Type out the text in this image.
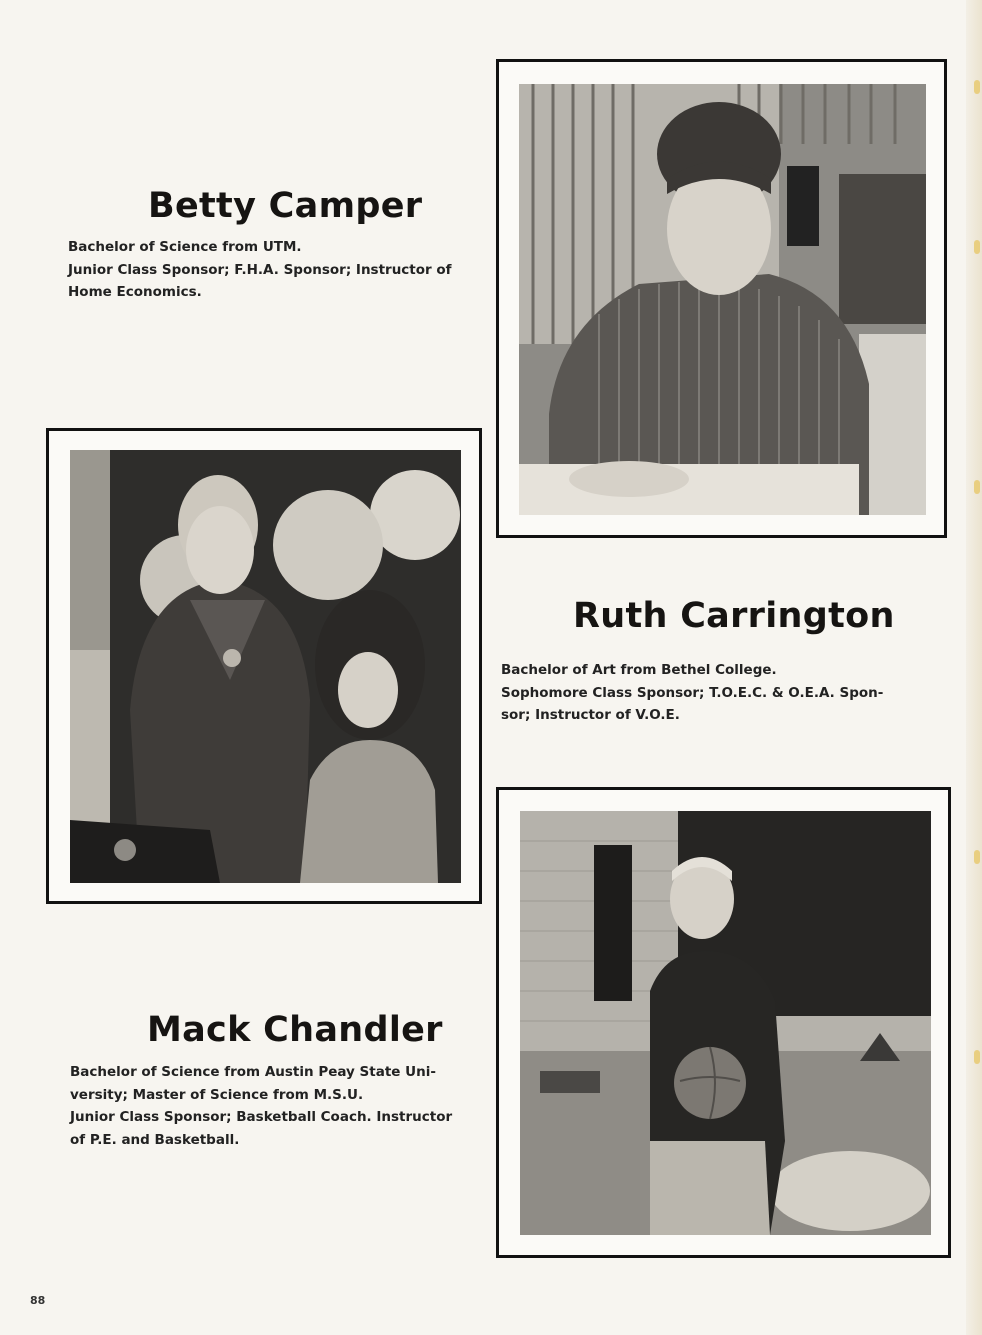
Betty Camper
Bachelor of Science from UTM.
Junior Class Sponsor; F.H.A. Sponsor; Instructor of
Home Economics.
Ruth Carrington
Bachelor of Art from Bethel College.
Sophomore Class Sponsor; T.O.E.C. & O.E.A. Spon-
sor; Instructor of V.O.E.
Mack Chandler
Bachelor of Science from Austin Peay State Uni-
versity; Master of Science from M.S.U.
Junior Class Sponsor; Basketball Coach. Instructor
of P.E. and Basketball.
88
